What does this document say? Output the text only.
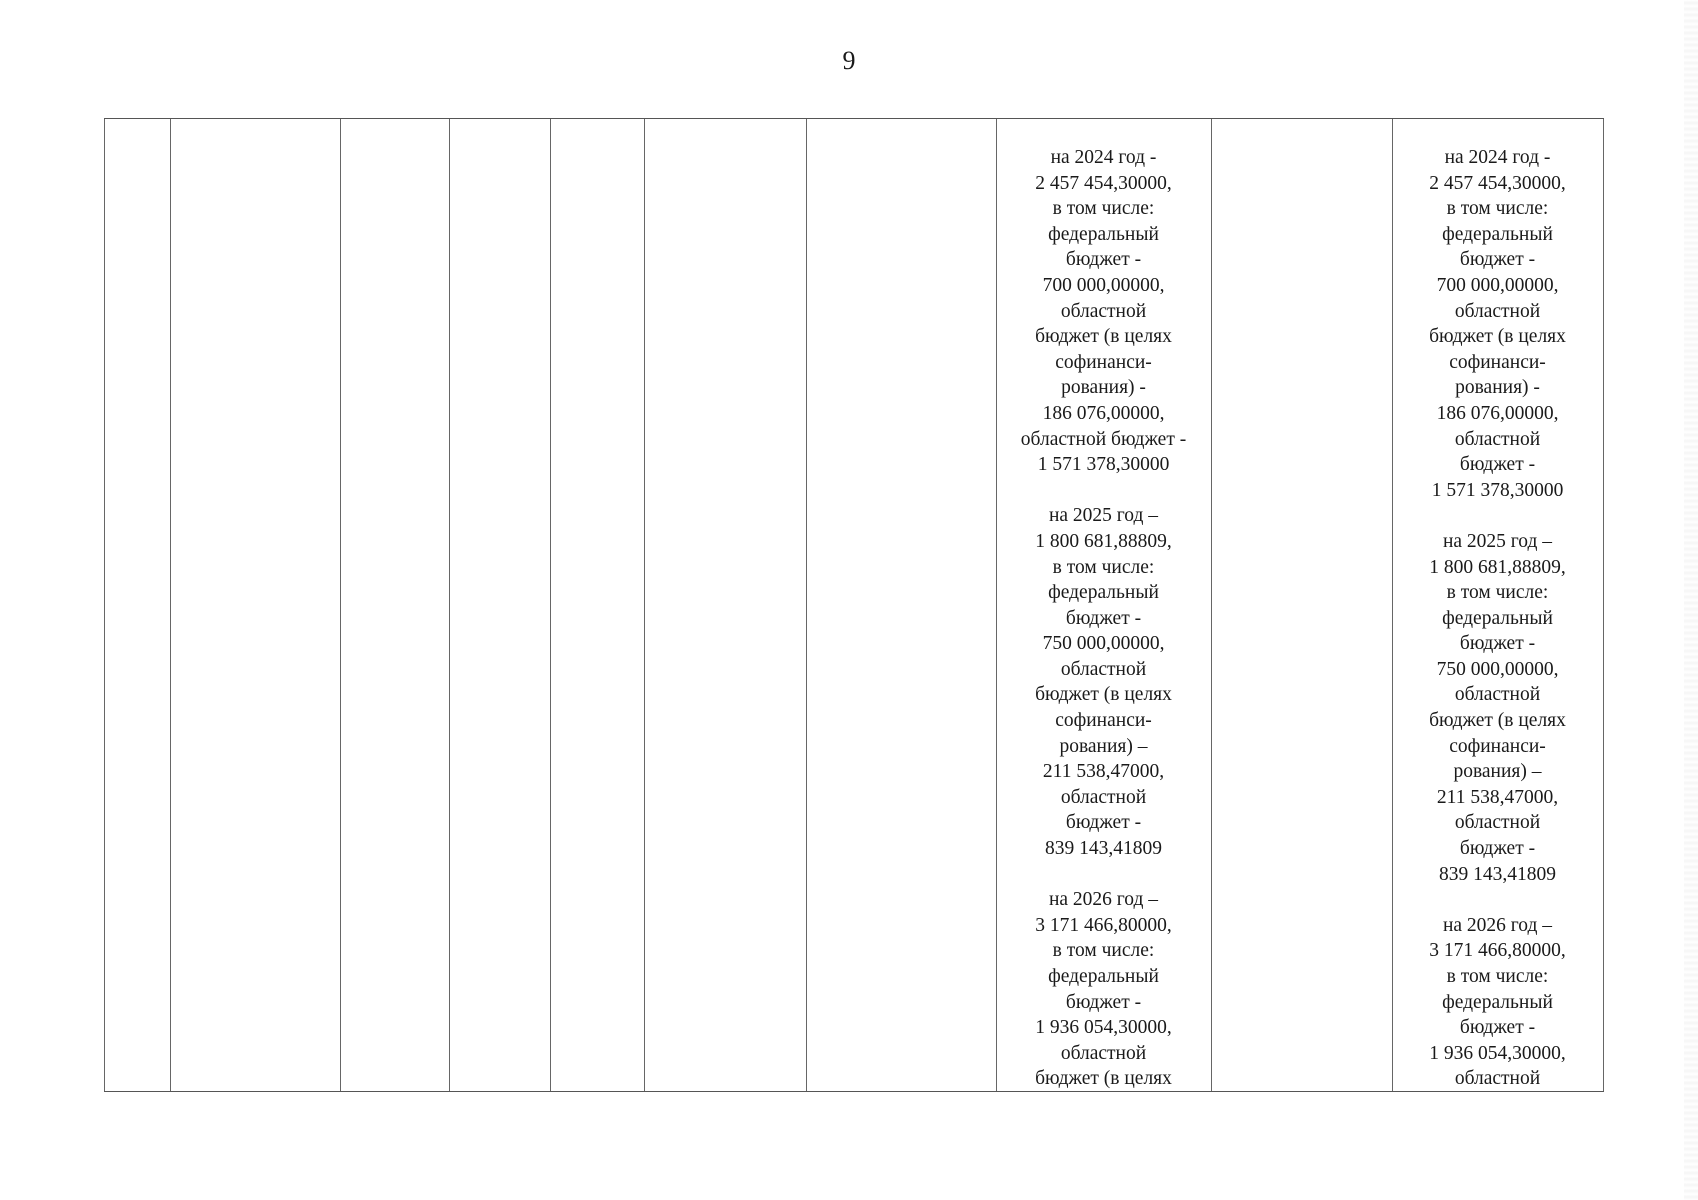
9
на 2024 год -
2 457 454,30000,
в том числе:
федеральный
бюджет -
700 000,00000,
областной
бюджет (в целях
софинанси-
рования) -
186 076,00000,
областной бюджет -
1 571 378,30000
на 2025 год –
1 800 681,88809,
в том числе:
федеральный
бюджет -
750 000,00000,
областной
бюджет (в целях
софинанси-
рования) –
211 538,47000,
областной
бюджет -
839 143,41809
на 2026 год –
3 171 466,80000,
в том числе:
федеральный
бюджет -
1 936 054,30000,
областной
бюджет (в целях
на 2024 год -
2 457 454,30000,
в том числе:
федеральный
бюджет -
700 000,00000,
областной
бюджет (в целях
софинанси-
рования) -
186 076,00000,
областной
бюджет -
1 571 378,30000
на 2025 год –
1 800 681,88809,
в том числе:
федеральный
бюджет -
750 000,00000,
областной
бюджет (в целях
софинанси-
рования) –
211 538,47000,
областной
бюджет -
839 143,41809
на 2026 год –
3 171 466,80000,
в том числе:
федеральный
бюджет -
1 936 054,30000,
областной
